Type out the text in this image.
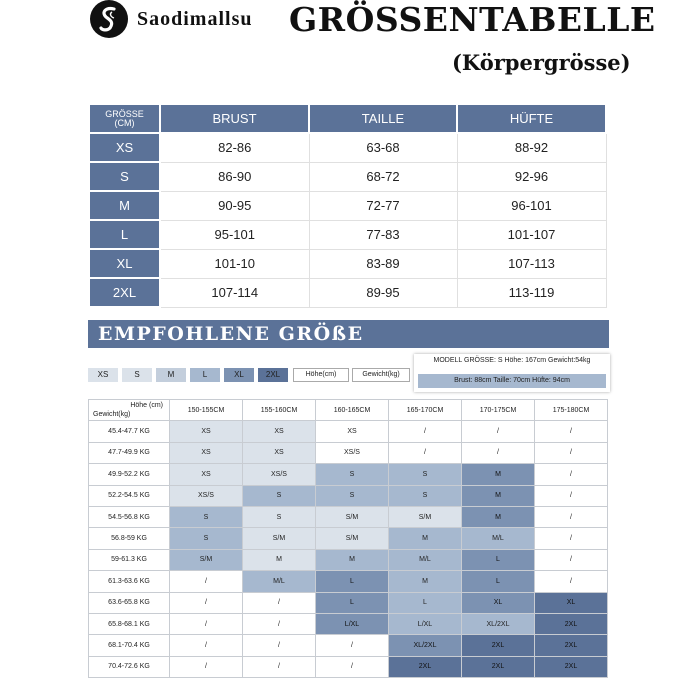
Saodimallsu GRÖSSENTABELLE
(Körpergrösse)
GRÖSSE
(CM)	BRUST	TAILLE	HÜFTE
XS	82-86	63-68	88-92
S	86-90	68-72	92-96
M	90-95	72-77	96-101
L	95-101	77-83	101-107
XL	101-10	83-89	107-113
2XL	107-114	89-95	113-119
EMPFOHLENE GRÖßE
XS	S	M	L	XL	2XL	Höhe(cm)	Gewicht(kg)
MODELL GRÖSSE: S Höhe: 167cm Gewicht:54kg
Brust: 88cm Taille: 70cm Hüfte: 94cm
Höhe (cm)
Gewicht(kg)	150-155CM	155-160CM	160-165CM	165-170CM	170-175CM	175-180CM
45.4-47.7 KG	XS	XS	XS	/	/	/
47.7-49.9 KG	XS	XS	XS/S	/	/	/
49.9-52.2 KG	XS	XS/S	S	S	M	/
52.2-54.5 KG	XS/S	S	S	S	M	/
54.5-56.8 KG	S	S	S/M	S/M	M	/
56.8-59 KG	S	S/M	S/M	M	M/L	/
59-61.3 KG	S/M	M	M	M/L	L	/
61.3-63.6 KG	/	M/L	L	M	L	/
63.6-65.8 KG	/	/	L	L	XL	XL
65.8-68.1 KG	/	/	L/XL	L/XL	XL/2XL	2XL
68.1-70.4 KG	/	/	/	XL/2XL	2XL	2XL
70.4-72.6 KG	/	/	/	2XL	2XL	2XL
